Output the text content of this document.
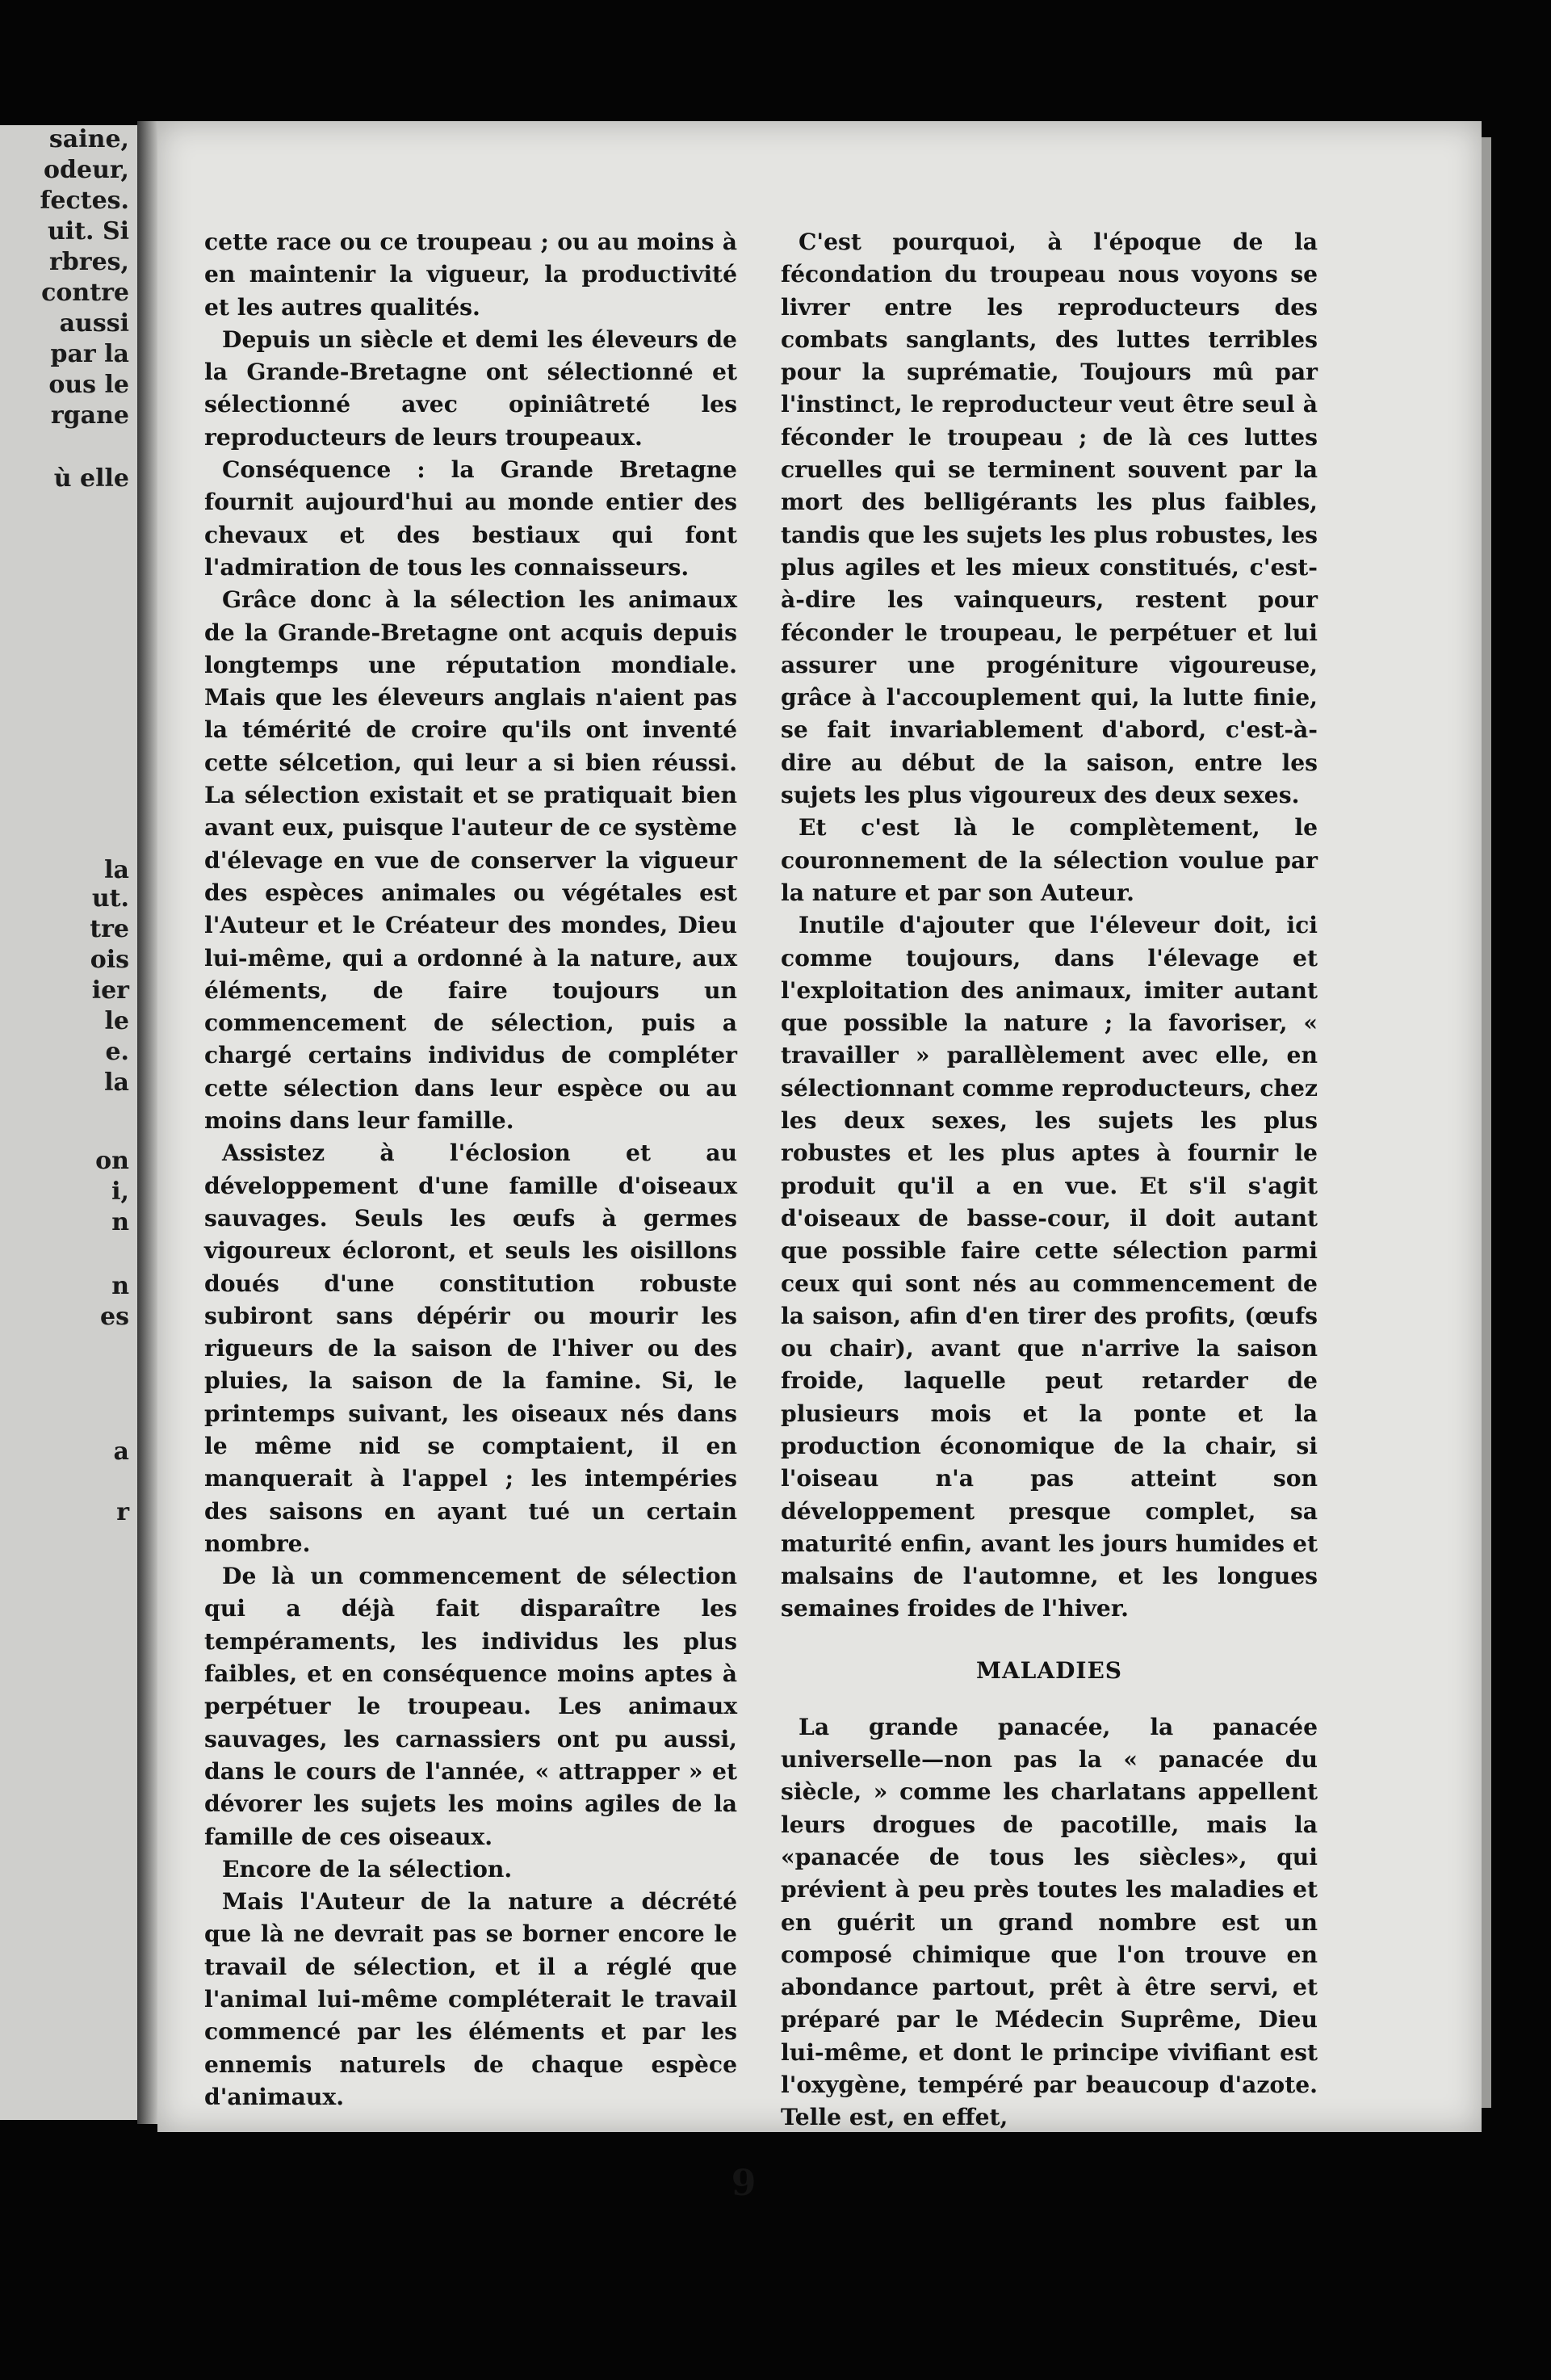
saine,
odeur,
fectes.
uit. Si
rbres,
contre
aussi
par la
ous le
rgane
ù elle
la
ut.
tre
ois
ier
le
e.
la
on
i,
n
n
es
a
r

cette race ou ce troupeau ; ou au moins à en maintenir la vigueur, la productivité et les autres qualités.

Depuis un siècle et demi les éleveurs de la Grande-Bretagne ont sélectionné et sélectionné avec opiniâtreté les reproducteurs de leurs troupeaux.

Conséquence : la Grande Bretagne fournit aujourd'hui au monde entier des chevaux et des bestiaux qui font l'admiration de tous les connaisseurs.

Grâce donc à la sélection les animaux de la Grande-Bretagne ont acquis depuis longtemps une réputation mondiale. Mais que les éleveurs anglais n'aient pas la témérité de croire qu'ils ont inventé cette sélcetion, qui leur a si bien réussi. La sélection existait et se pratiquait bien avant eux, puisque l'auteur de ce système d'élevage en vue de conserver la vigueur des espèces animales ou végétales est l'Auteur et le Créateur des mondes, Dieu lui-même, qui a ordonné à la nature, aux éléments, de faire toujours un commencement de sélection, puis a chargé certains individus de compléter cette sélection dans leur espèce ou au moins dans leur famille.

Assistez à l'éclosion et au développement d'une famille d'oiseaux sauvages. Seuls les œufs à germes vigoureux écloront, et seuls les oisillons doués d'une constitution robuste subiront sans dépérir ou mourir les rigueurs de la saison de l'hiver ou des pluies, la saison de la famine. Si, le printemps suivant, les oiseaux nés dans le même nid se comptaient, il en manquerait à l'appel ; les intempéries des saisons en ayant tué un certain nombre.

De là un commencement de sélection qui a déjà fait disparaître les tempéraments, les individus les plus faibles, et en conséquence moins aptes à perpétuer le troupeau. Les animaux sauvages, les carnassiers ont pu aussi, dans le cours de l'année, « attrapper » et dévorer les sujets les moins agiles de la famille de ces oiseaux.

Encore de la sélection.

Mais l'Auteur de la nature a décrété que là ne devrait pas se borner encore le travail de sélection, et il a réglé que l'animal lui-même compléterait le travail commencé par les éléments et par les ennemis naturels de chaque espèce d'animaux.

C'est pourquoi, à l'époque de la fécondation du troupeau nous voyons se livrer entre les reproducteurs des combats sanglants, des luttes terribles pour la suprématie, Toujours mû par l'instinct, le reproducteur veut être seul à féconder le troupeau ; de là ces luttes cruelles qui se terminent souvent par la mort des belligérants les plus faibles, tandis que les sujets les plus robustes, les plus agiles et les mieux constitués, c'est-à-dire les vainqueurs, restent pour féconder le troupeau, le perpétuer et lui assurer une progéniture vigoureuse, grâce à l'accouplement qui, la lutte finie, se fait invariablement d'abord, c'est-à-dire au début de la saison, entre les sujets les plus vigoureux des deux sexes.

Et c'est là le complètement, le couronnement de la sélection voulue par la nature et par son Auteur.

Inutile d'ajouter que l'éleveur doit, ici comme toujours, dans l'élevage et l'exploitation des animaux, imiter autant que possible la nature ; la favoriser, « travailler » parallèlement avec elle, en sélectionnant comme reproducteurs, chez les deux sexes, les sujets les plus robustes et les plus aptes à fournir le produit qu'il a en vue. Et s'il s'agit d'oiseaux de basse-cour, il doit autant que possible faire cette sélection parmi ceux qui sont nés au commencement de la saison, afin d'en tirer des profits, (œufs ou chair), avant que n'arrive la saison froide, laquelle peut retarder de plusieurs mois et la ponte et la production économique de la chair, si l'oiseau n'a pas atteint son développement presque complet, sa maturité enfin, avant les jours humides et malsains de l'automne, et les longues semaines froides de l'hiver.

MALADIES

La grande panacée, la panacée universelle—non pas la « panacée du siècle, » comme les charlatans appellent leurs drogues de pacotille, mais la «panacée de tous les siècles», qui prévient à peu près toutes les maladies et en guérit un grand nombre est un composé chimique que l'on trouve en abondance partout, prêt à être servi, et préparé par le Médecin Suprême, Dieu lui-même, et dont le principe vivifiant est l'oxygène, tempéré par beaucoup d'azote. Telle est, en effet,

9
